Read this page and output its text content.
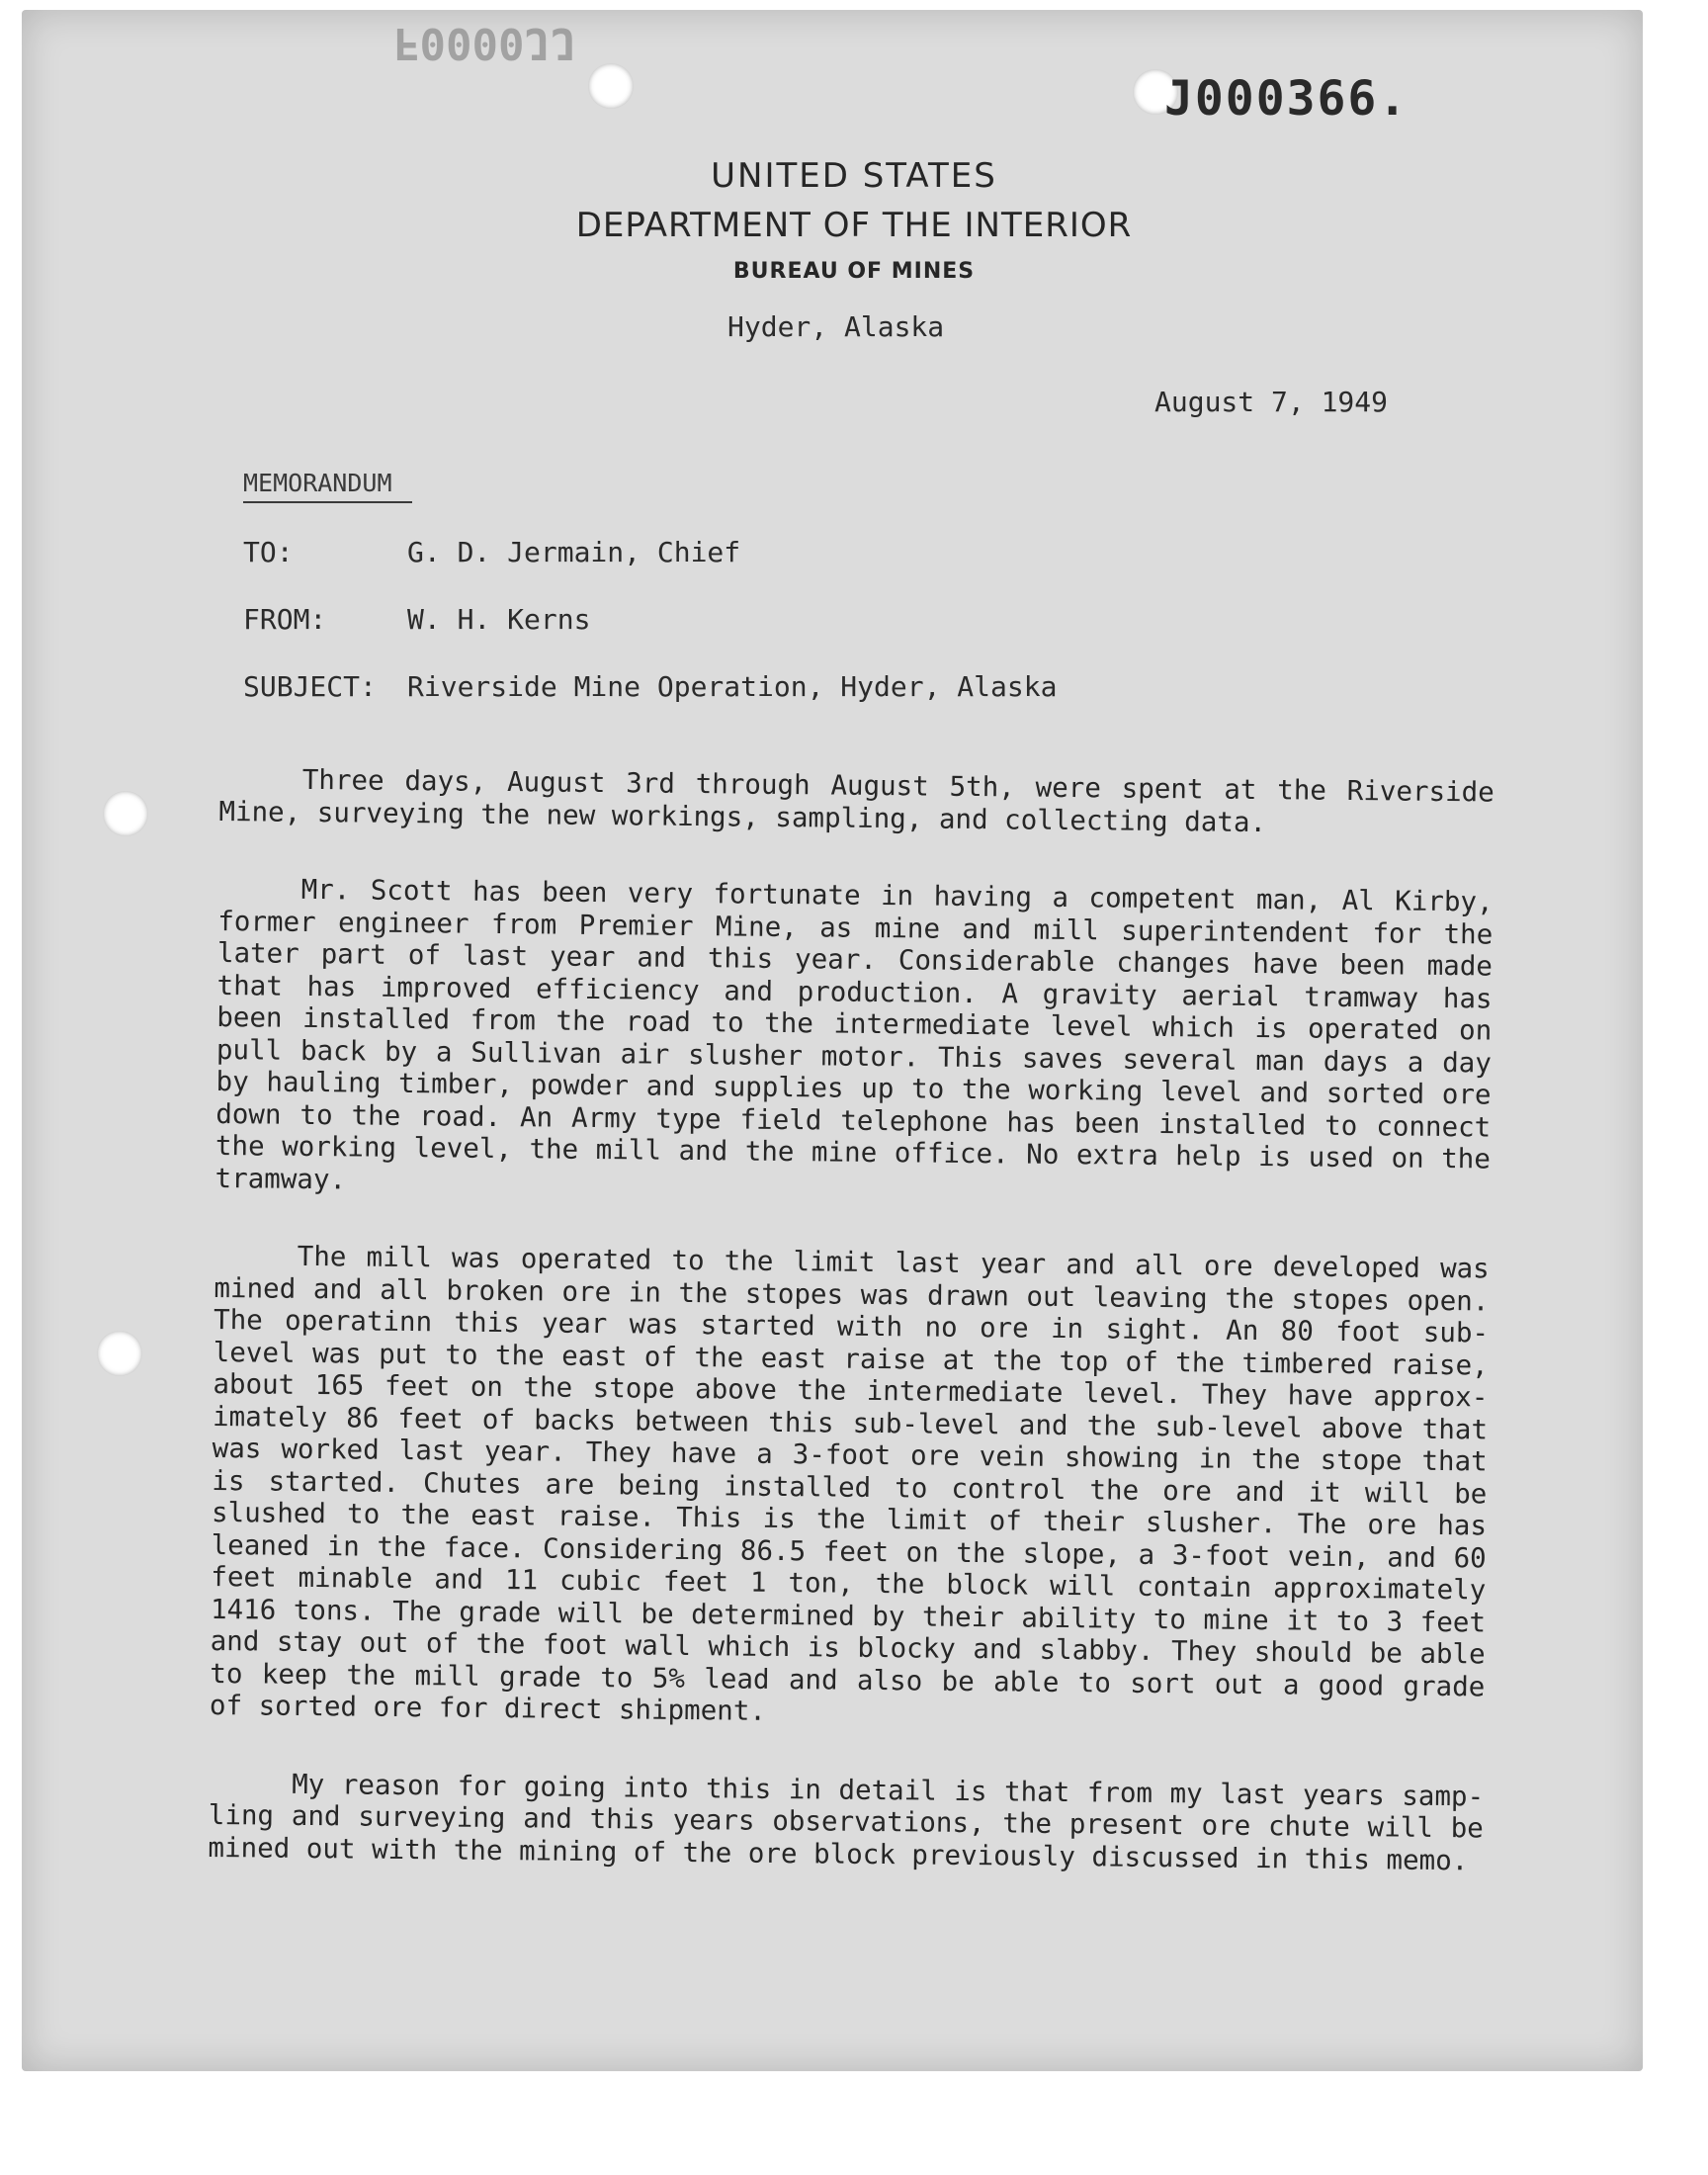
F0000JJ
J000366.
UNITED STATES
DEPARTMENT OF THE INTERIOR
BUREAU OF MINES
Hyder, Alaska
August 7, 1949
MEMORANDUM
TO:	G. D. Jermain, Chief
FROM:	W. H. Kerns
SUBJECT: Riverside Mine Operation, Hyder, Alaska

Three days, August 3rd through August 5th, were spent at the Riverside Mine, surveying the new workings, sampling, and collecting data.

Mr. Scott has been very fortunate in having a competent man, Al Kirby, former engineer from Premier Mine, as mine and mill superintendent for the later part of last year and this year. Considerable changes have been made that has improved efficiency and production. A gravity aerial tramway has been installed from the road to the intermediate level which is operated on pull back by a Sullivan air slusher motor. This saves several man days a day by hauling timber, powder and supplies up to the working level and sorted ore down to the road. An Army type field telephone has been installed to connect the working level, the mill and the mine office. No extra help is used on the tramway.

The mill was operated to the limit last year and all ore developed was mined and all broken ore in the stopes was drawn out leaving the stopes open. The operatinn this year was started with no ore in sight. An 80 foot sub-level was put to the east of the east raise at the top of the timbered raise, about 165 feet on the stope above the intermediate level. They have approx-imately 86 feet of backs between this sub-level and the sub-level above that was worked last year. They have a 3-foot ore vein showing in the stope that is started. Chutes are being installed to control the ore and it will be slushed to the east raise. This is the limit of their slusher. The ore has leaned in the face. Considering 86.5 feet on the slope, a 3-foot vein, and 60 feet minable and 11 cubic feet 1 ton, the block will contain approximately 1416 tons. The grade will be determined by their ability to mine it to 3 feet and stay out of the foot wall which is blocky and slabby. They should be able to keep the mill grade to 5% lead and also be able to sort out a good grade of sorted ore for direct shipment.

My reason for going into this in detail is that from my last years samp-ling and surveying and this years observations, the present ore chute will be mined out with the mining of the ore block previously discussed in this memo.
